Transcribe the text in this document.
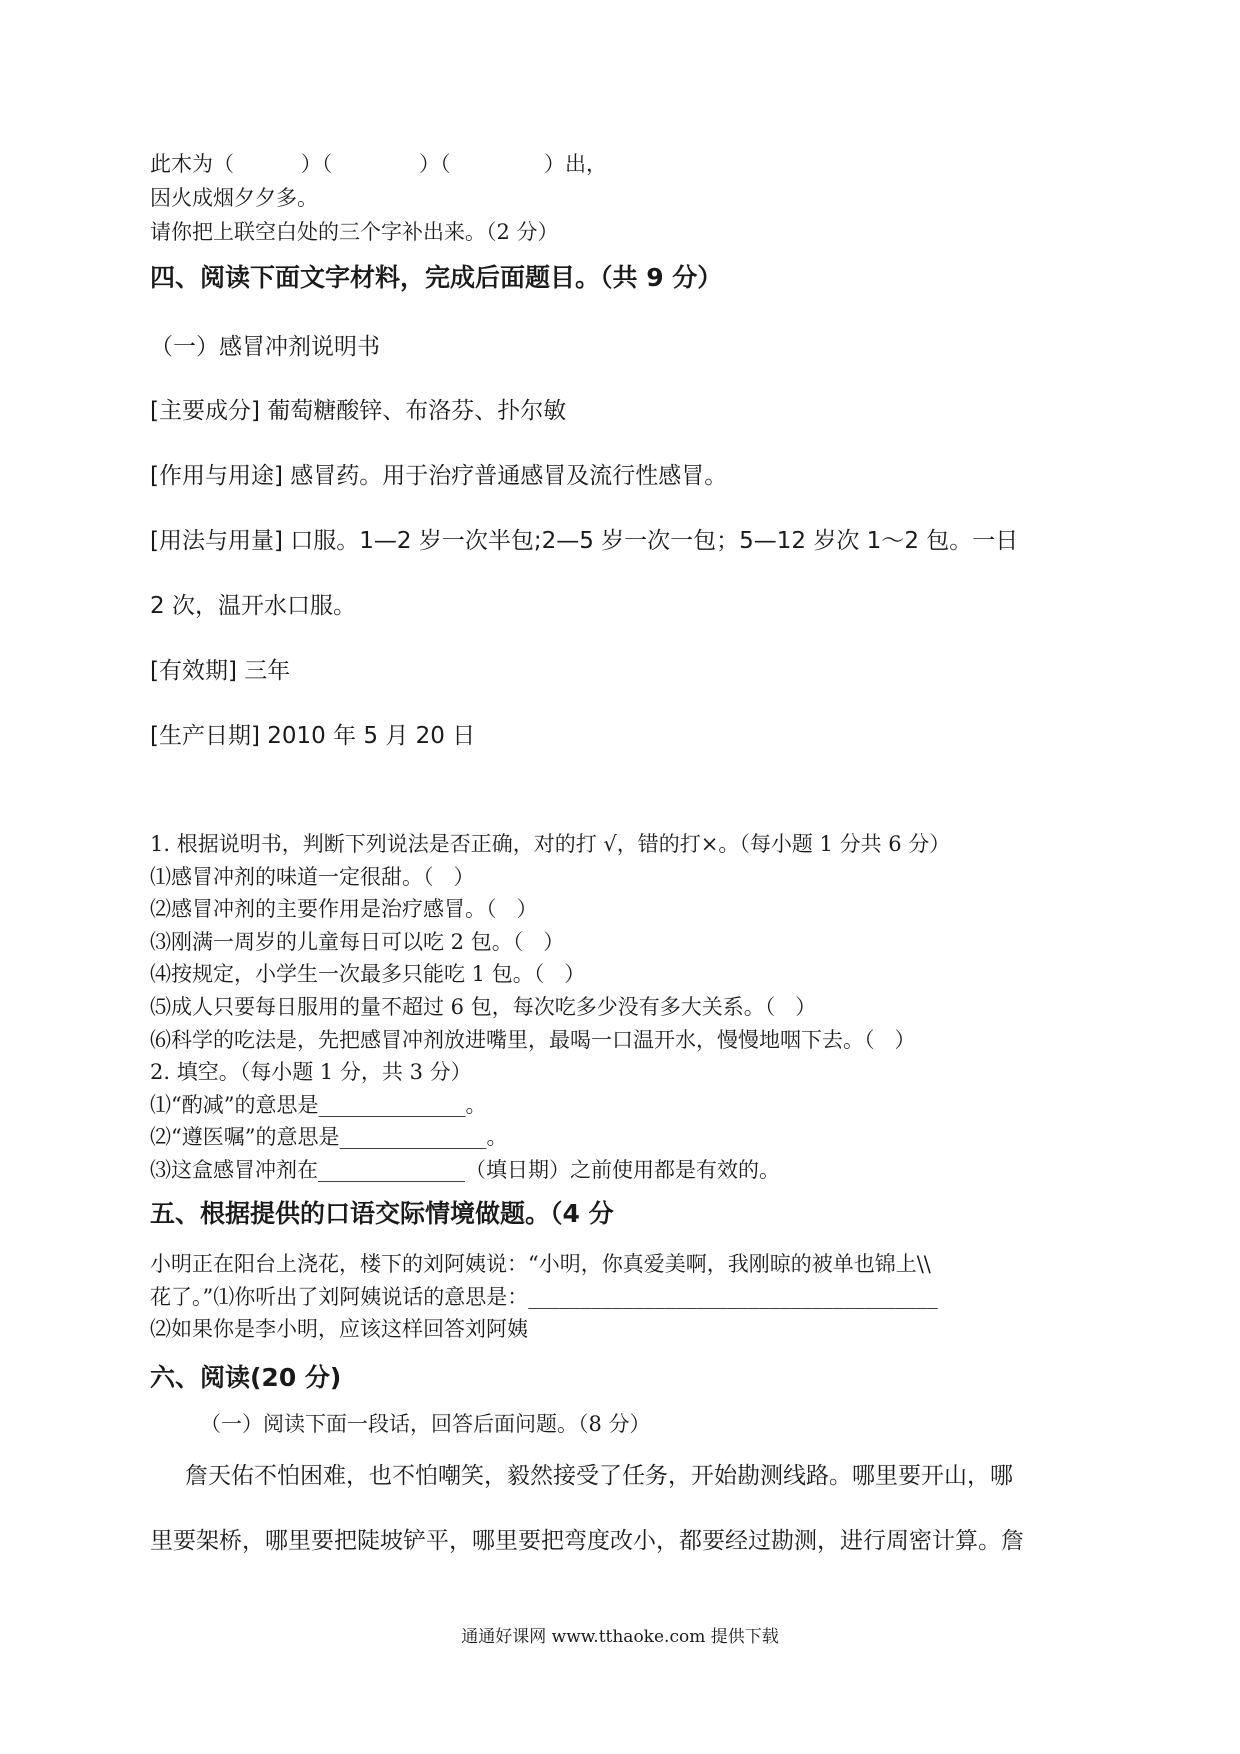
此木为（          ）（             ）（              ）出，
因火成烟夕夕多。
请你把上联空白处的三个字补出来。（2 分）
四、阅读下面文字材料，完成后面题目。（共 9 分）
（一）感冒冲剂说明书
[主要成分] 葡萄糖酸锌、布洛芬、扑尔敏
[作用与用途] 感冒药。用于治疗普通感冒及流行性感冒。
[用法与用量] 口服。1—2 岁一次半包;2—5 岁一次一包；5—12 岁次 1～2 包。一日
2 次，温开水口服。
[有效期] 三年
[生产日期] 2010 年 5 月 20 日
1. 根据说明书，判断下列说法是否正确，对的打 √，错的打×。（每小题 1 分共 6 分）
⑴感冒冲剂的味道一定很甜。（   ）
⑵感冒冲剂的主要作用是治疗感冒。（   ）
⑶刚满一周岁的儿童每日可以吃 2 包。（   ）
⑷按规定，小学生一次最多只能吃 1 包。（   ）
⑸成人只要每日服用的量不超过 6 包，每次吃多少没有多大关系。（   ）
⑹科学的吃法是，先把感冒冲剂放进嘴里，最喝一口温开水，慢慢地咽下去。（   ）
2. 填空。（每小题 1 分，共 3 分）
⑴“酌减”的意思是______________。
⑵“遵医嘱”的意思是______________。
⑶这盒感冒冲剂在______________（填日期）之前使用都是有效的。
五、根据提供的口语交际情境做题。（4 分
小明正在阳台上浇花，楼下的刘阿姨说：“小明，你真爱美啊，我刚晾的被单也锦上\\
花了。”⑴你听出了刘阿姨说话的意思是：_______________________________________
⑵如果你是李小明，应该这样回答刘阿姨
六、阅读(20 分)
（一）阅读下面一段话，回答后面问题。（8 分）
詹天佑不怕困难，也不怕嘲笑，毅然接受了任务，开始勘测线路。哪里要开山，哪
里要架桥，哪里要把陡坡铲平，哪里要把弯度改小，都要经过勘测，进行周密计算。詹
通通好课网 www.tthaoke.com 提供下载
